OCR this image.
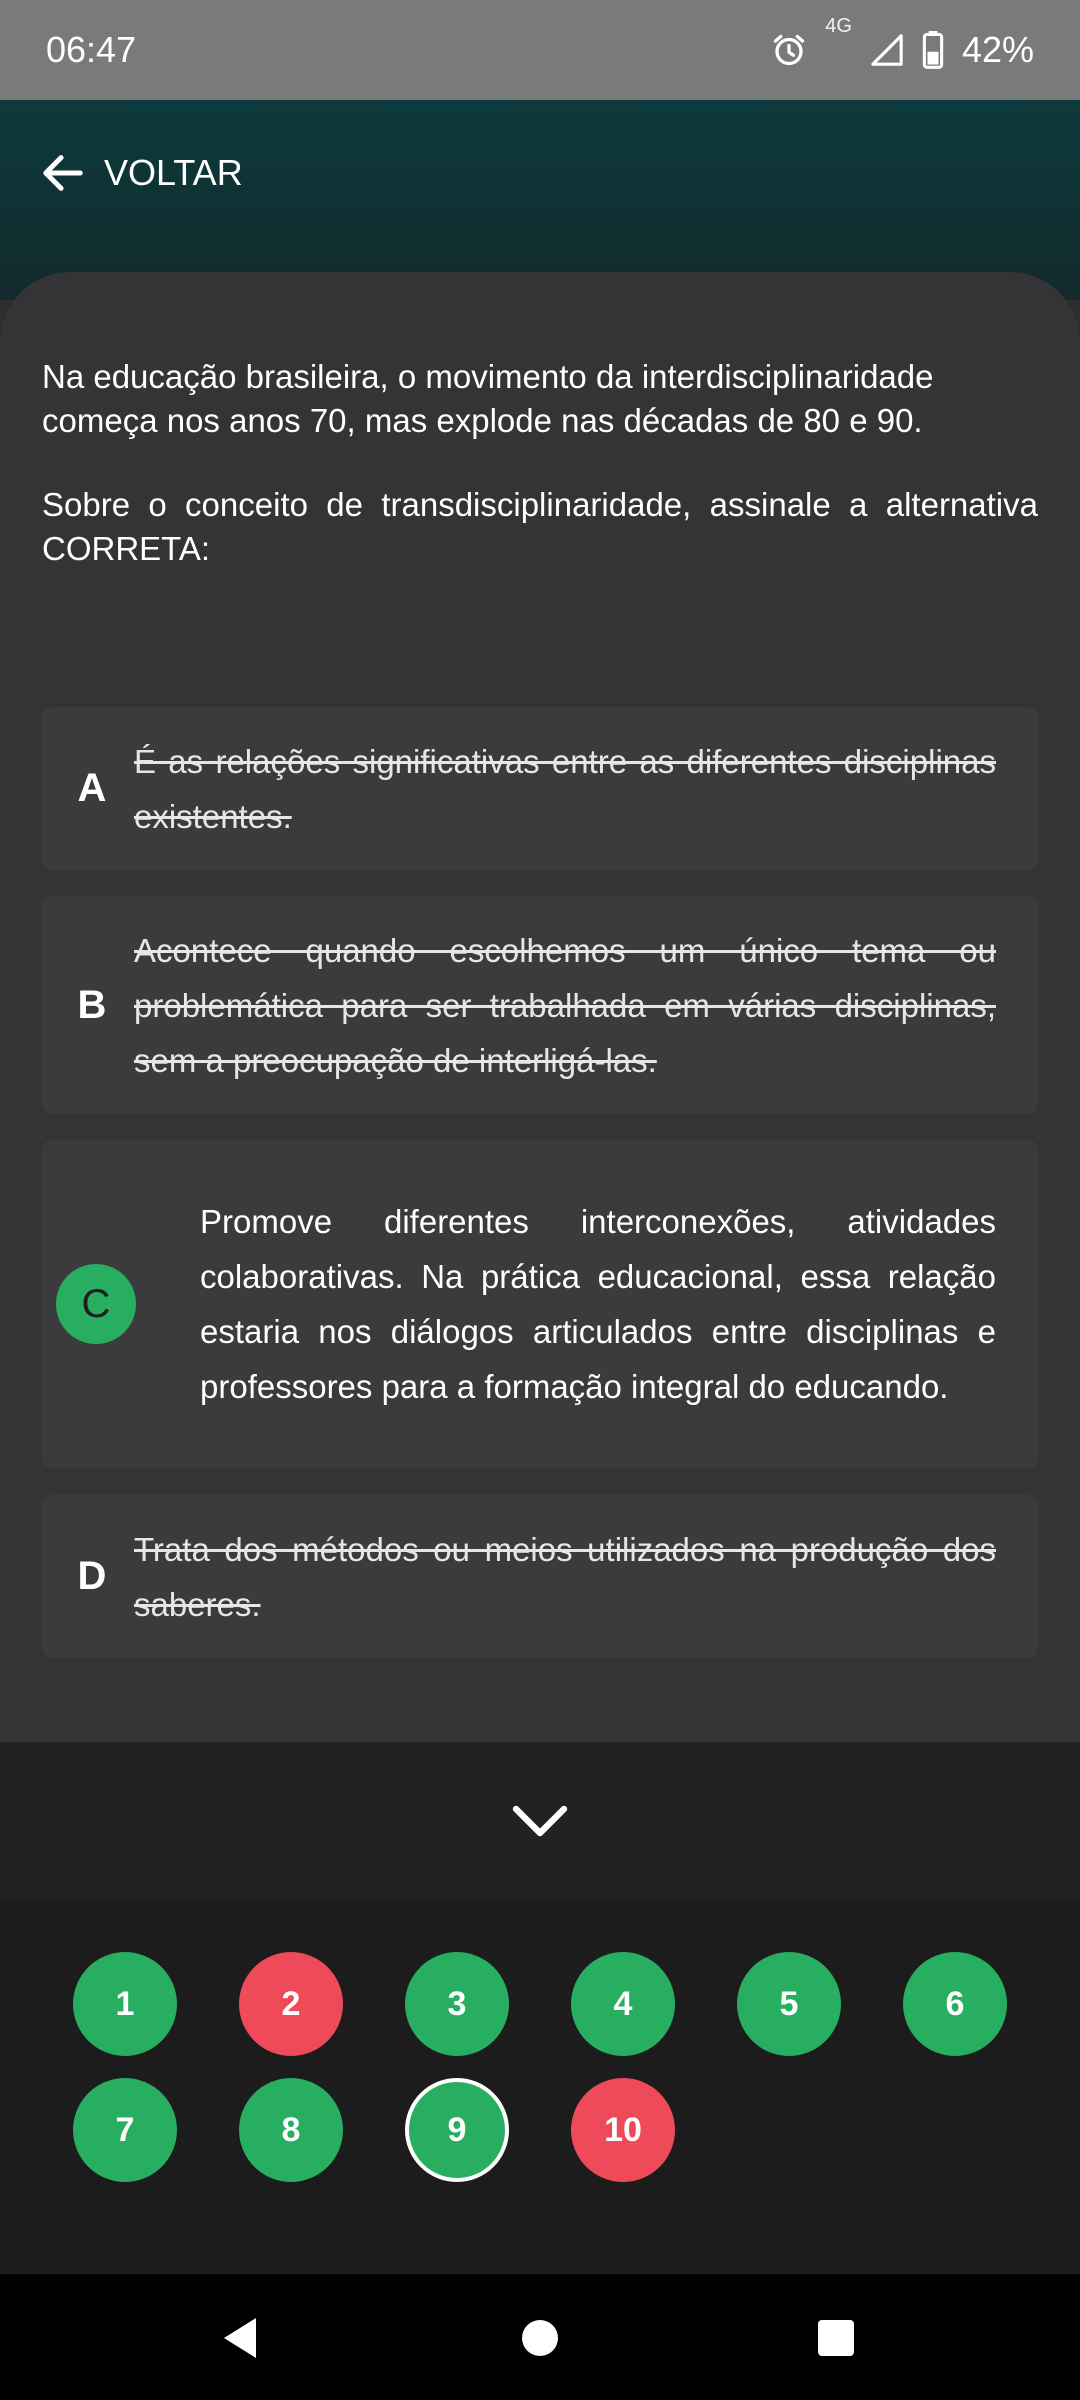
06:47
4G
42%
VOLTAR

Na educação brasileira, o movimento da interdisciplinaridade começa nos anos 70, mas explode nas décadas de 80 e 90.

Sobre o conceito de transdisciplinaridade, assinale a alternativa CORRETA:

A
É as relações significativas entre as diferentes disciplinas existentes.
B
Acontece quando escolhemos um único tema ou problemática para ser trabalhada em várias disciplinas, sem a preocupação de interligá-las.
C
Promove diferentes interconexões, atividades colaborativas. Na prática educacional, essa relação estaria nos diálogos articulados entre disciplinas e professores para a formação integral do educando.
D
Trata dos métodos ou meios utilizados na produção dos saberes.
1	2	3	4	5	6
7	8	9	10
